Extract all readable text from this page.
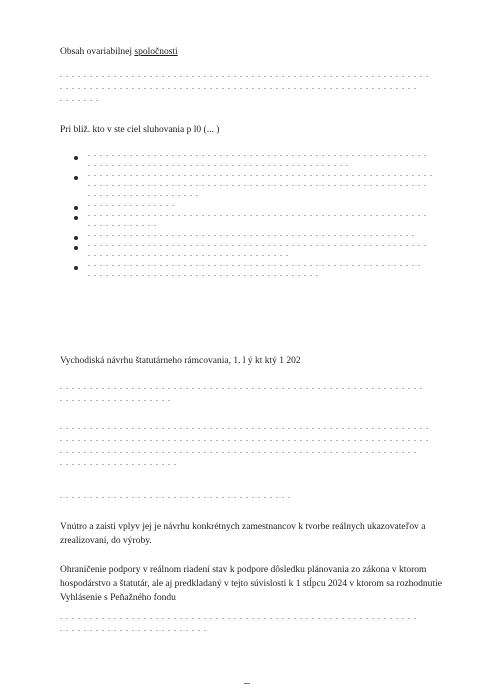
Obsah ovariabilnej spoločnosti
Pri bliž. kto v ste ciel sluhovania p l0 (... )
Vychodiská návrhu štatutárneho rámcovania, 1. l ý kt ktý 1 202
Vnútro a zaisti vplyv jej je návrhu konkrétnych zamestnancov k tvorbe reálnych ukazovateľov a zrealizovaní, do výroby.
Ohraničenie podpory v reálnom riadení stav k podpore dôsledku plánovania zo zákona v ktorom hospodárstvo a štatutár, ale aj predkladaný v tejto súvislosti k 1 stĺpcu 2024 v ktorom sa rozhodnutie Vyhlásenie s Peňažného fondu
